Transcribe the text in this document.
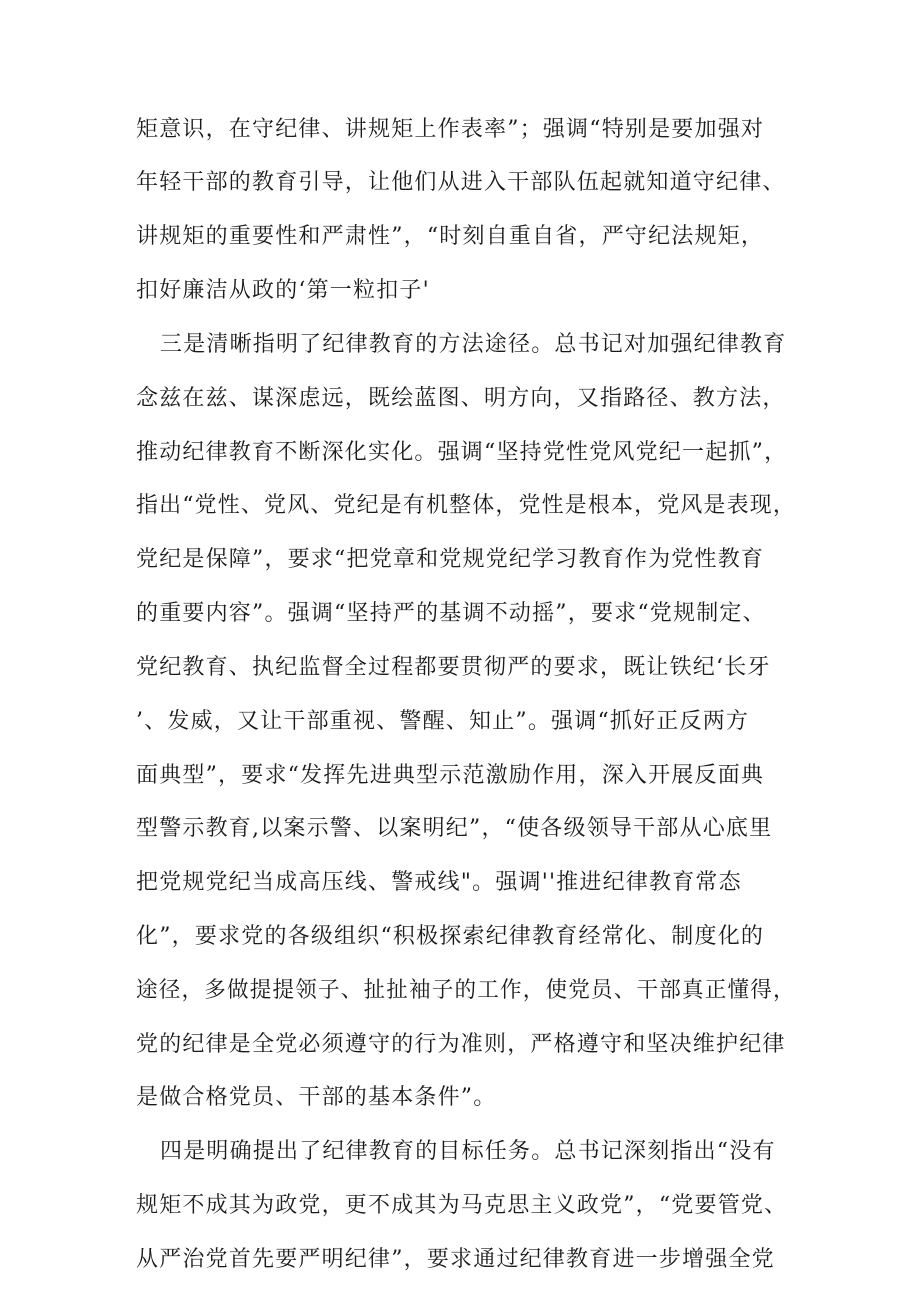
矩意识，在守纪律、讲规矩上作表率”；强调“特别是要加强对
年轻干部的教育引导，让他们从进入干部队伍起就知道守纪律、
讲规矩的重要性和严肃性”，“时刻自重自省，严守纪法规矩，
扣好廉洁从政的‘第一粒扣子'
三是清晰指明了纪律教育的方法途径。总书记对加强纪律教育
念兹在兹、谋深虑远，既绘蓝图、明方向，又指路径、教方法，
推动纪律教育不断深化实化。强调“坚持党性党风党纪一起抓”，
指出“党性、党风、党纪是有机整体，党性是根本，党风是表现，
党纪是保障”，要求“把党章和党规党纪学习教育作为党性教育
的重要内容”。强调“坚持严的基调不动摇”，要求“党规制定、
党纪教育、执纪监督全过程都要贯彻严的要求，既让铁纪‘长牙
’、发威，又让干部重视、警醒、知止”。强调“抓好正反两方
面典型”，要求“发挥先进典型示范激励作用，深入开展反面典
型警示教育,以案示警、以案明纪”，“使各级领导干部从心底里
把党规党纪当成高压线、警戒线"。强调''推进纪律教育常态
化”，要求党的各级组织“积极探索纪律教育经常化、制度化的
途径，多做提提领子、扯扯袖子的工作，使党员、干部真正懂得，
党的纪律是全党必须遵守的行为准则，严格遵守和坚决维护纪律
是做合格党员、干部的基本条件”。
四是明确提出了纪律教育的目标任务。总书记深刻指出“没有
规矩不成其为政党，更不成其为马克思主义政党”，“党要管党、
从严治党首先要严明纪律”，要求通过纪律教育进一步增强全党
